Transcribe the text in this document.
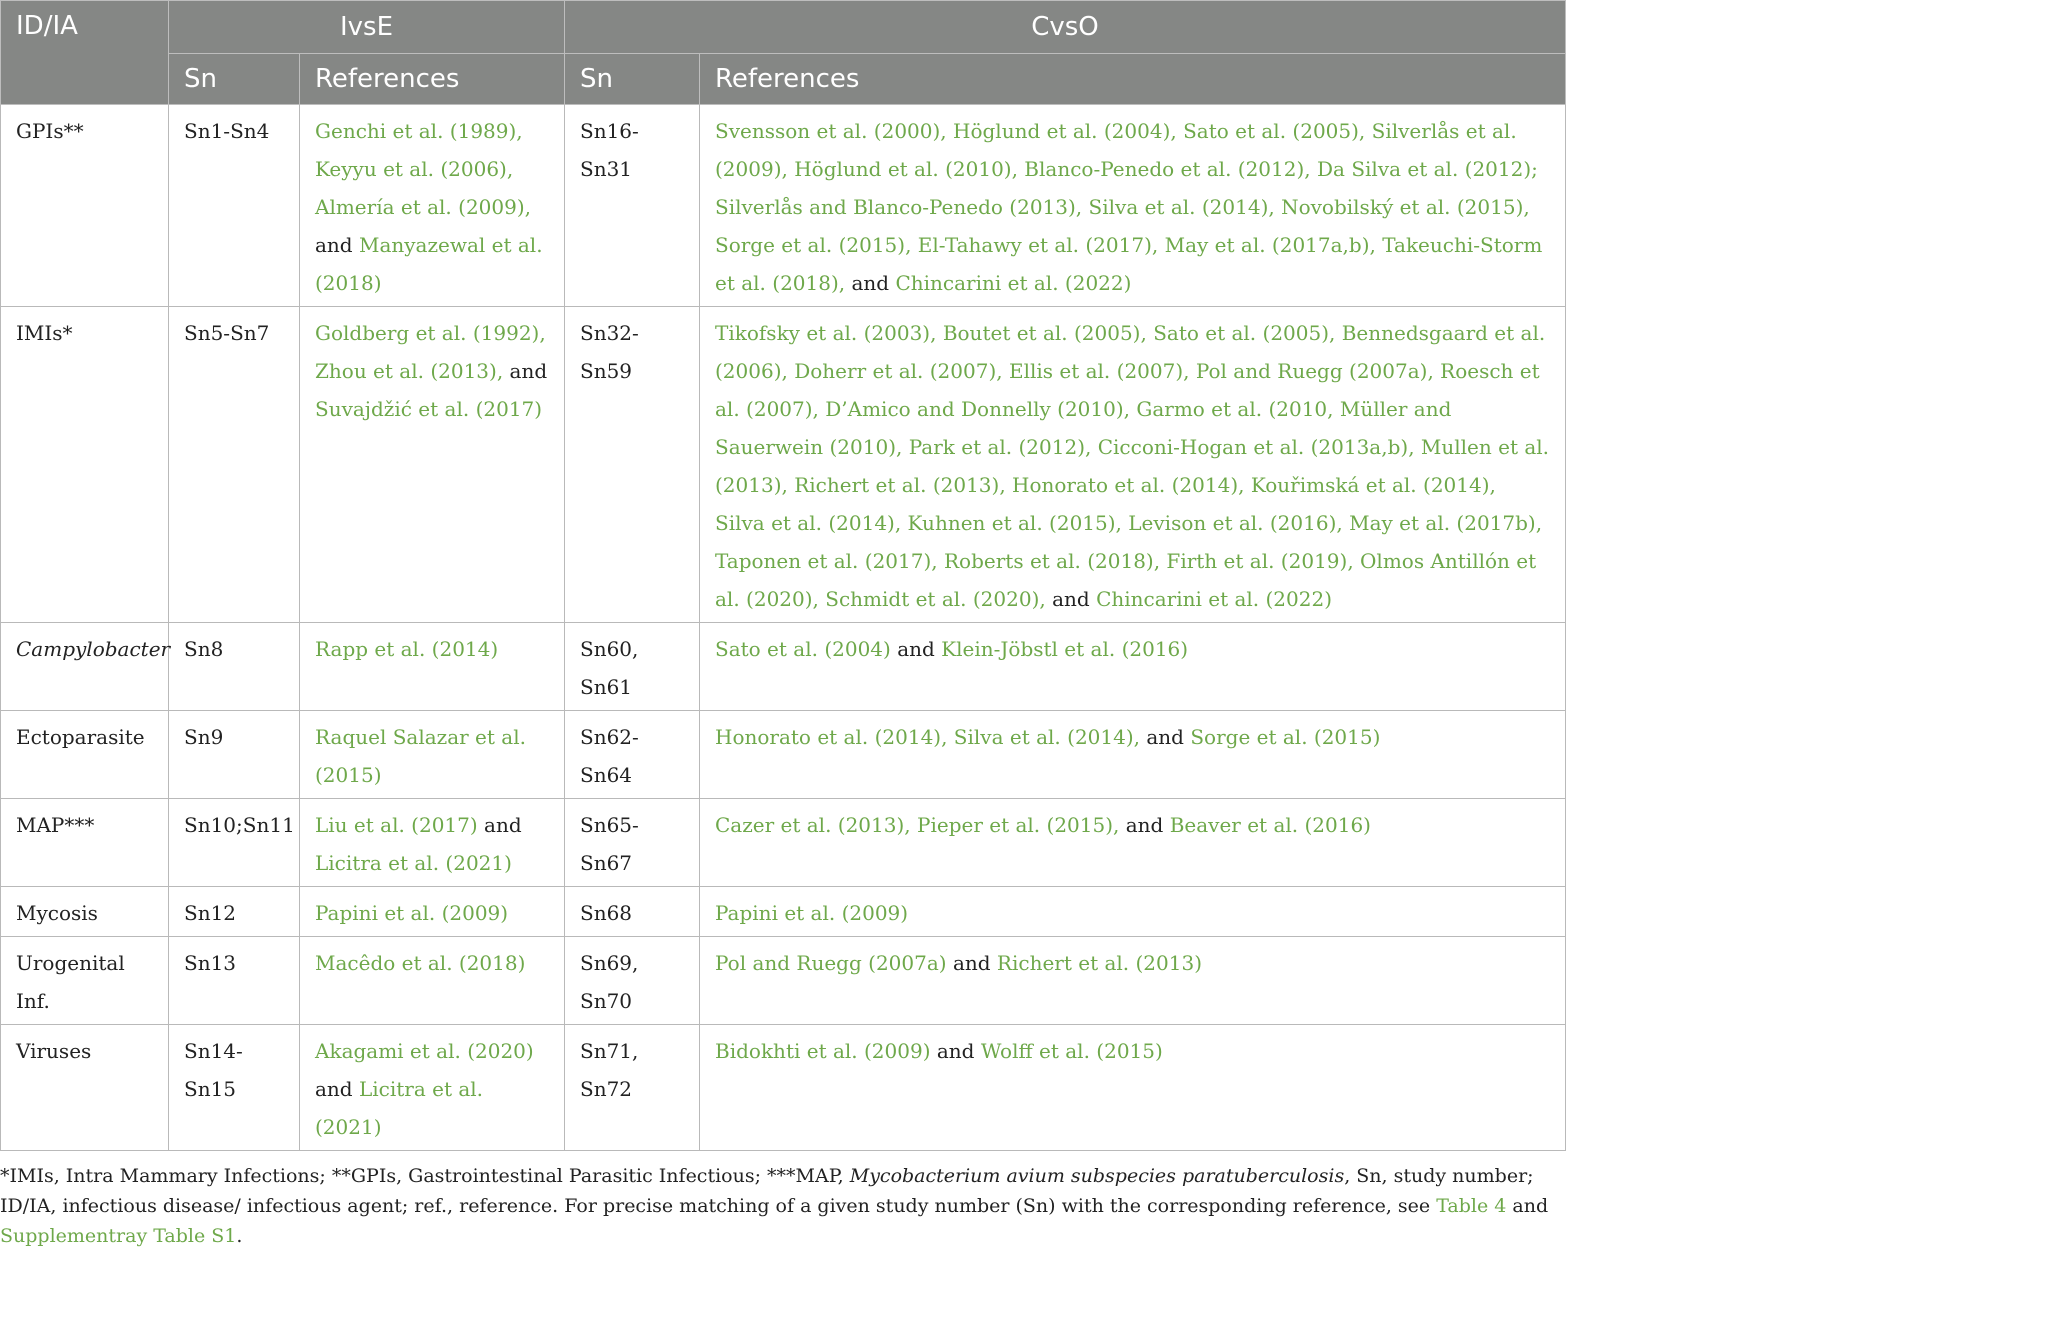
ID/IA	IvsE		CvsO	
	Sn	References	Sn	References
GPIs**	Sn1-Sn4	Genchi et al. (1989), Keyyu et al. (2006), Almería et al. (2009), and Manyazewal et al. (2018)	Sn16-Sn31	Svensson et al. (2000), Höglund et al. (2004), Sato et al. (2005), Silverlås et al. (2009), Höglund et al. (2010), Blanco-Penedo et al. (2012), Da Silva et al. (2012); Silverlås and Blanco-Penedo (2013), Silva et al. (2014), Novobilský et al. (2015), Sorge et al. (2015), El-Tahawy et al. (2017), May et al. (2017a,b), Takeuchi-Storm et al. (2018), and Chincarini et al. (2022)
IMIs*	Sn5-Sn7	Goldberg et al. (1992), Zhou et al. (2013), and Suvajdžić et al. (2017)	Sn32-Sn59	Tikofsky et al. (2003), Boutet et al. (2005), Sato et al. (2005), Bennedsgaard et al. (2006), Doherr et al. (2007), Ellis et al. (2007), Pol and Ruegg (2007a), Roesch et al. (2007), D’Amico and Donnelly (2010), Garmo et al. (2010, Müller and Sauerwein (2010), Park et al. (2012), Cicconi-Hogan et al. (2013a,b), Mullen et al. (2013), Richert et al. (2013), Honorato et al. (2014), Kouřimská et al. (2014), Silva et al. (2014), Kuhnen et al. (2015), Levison et al. (2016), May et al. (2017b), Taponen et al. (2017), Roberts et al. (2018), Firth et al. (2019), Olmos Antillón et al. (2020), Schmidt et al. (2020), and Chincarini et al. (2022)
Campylobacter	Sn8	Rapp et al. (2014)	Sn60, Sn61	Sato et al. (2004) and Klein-Jöbstl et al. (2016)
Ectoparasite	Sn9	Raquel Salazar et al. (2015)	Sn62-Sn64	Honorato et al. (2014), Silva et al. (2014), and Sorge et al. (2015)
MAP***	Sn10;Sn11	Liu et al. (2017) and Licitra et al. (2021)	Sn65-Sn67	Cazer et al. (2013), Pieper et al. (2015), and Beaver et al. (2016)
Mycosis	Sn12	Papini et al. (2009)	Sn68	Papini et al. (2009)
Urogenital Inf.	Sn13	Macêdo et al. (2018)	Sn69, Sn70	Pol and Ruegg (2007a) and Richert et al. (2013)
Viruses	Sn14-Sn15	Akagami et al. (2020) and Licitra et al. (2021)	Sn71, Sn72	Bidokhti et al. (2009) and Wolff et al. (2015)

*IMIs, Intra Mammary Infections; **GPIs, Gastrointestinal Parasitic Infectious; ***MAP, Mycobacterium avium subspecies paratuberculosis, Sn, study number; ID/IA, infectious disease/ infectious agent; ref., reference. For precise matching of a given study number (Sn) with the corresponding reference, see Table 4 and Supplementray Table S1.
